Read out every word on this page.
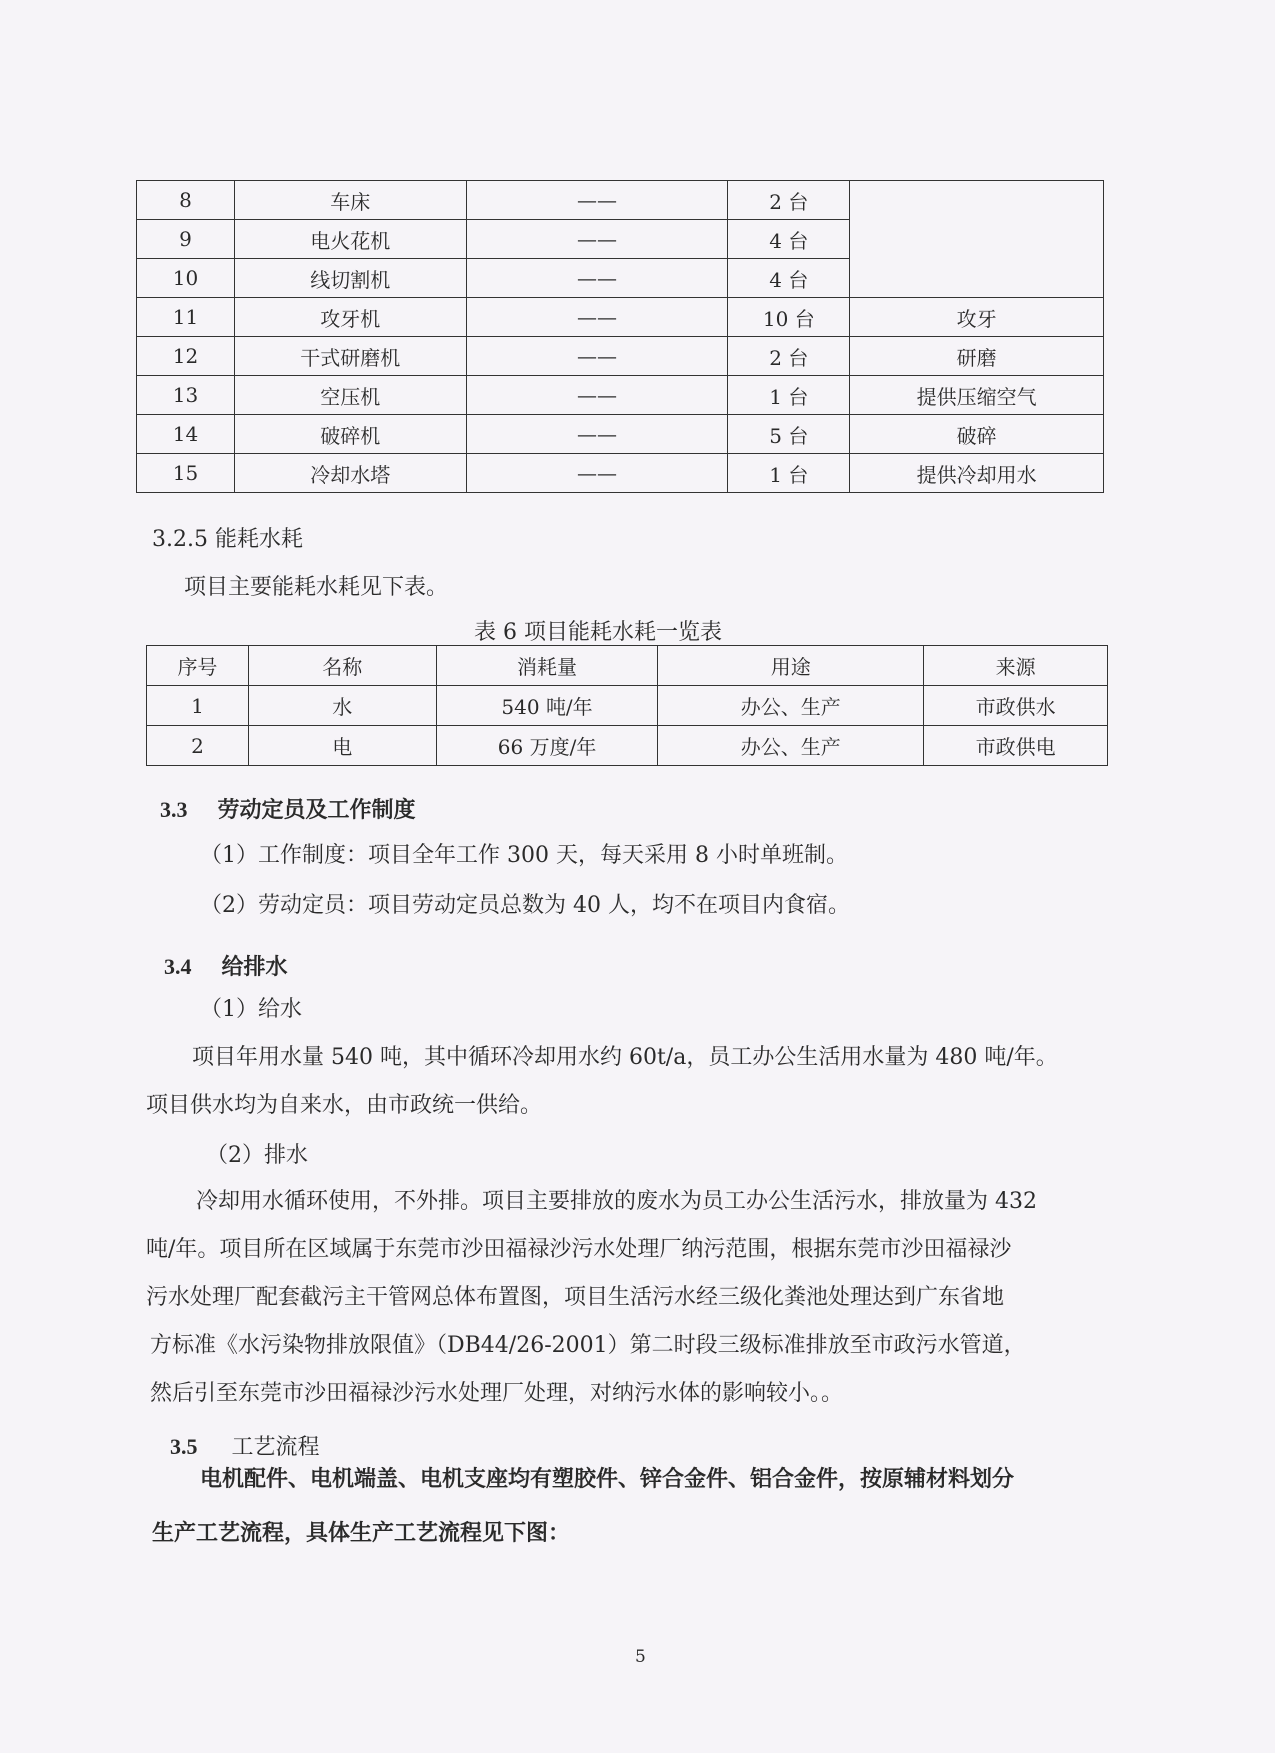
8	车床	——	2 台	
9	电火花机	——	4 台	
10	线切割机	——	4 台	
11	攻牙机	——	10 台	攻牙
12	干式研磨机	——	2 台	研磨
13	空压机	——	1 台	提供压缩空气
14	破碎机	——	5 台	破碎
15	冷却水塔	——	1 台	提供冷却用水
3.2.5 能耗水耗
项目主要能耗水耗见下表。
表 6 项目能耗水耗一览表
序号	名称	消耗量	用途	来源
1	水	540 吨/年	办公、生产	市政供水
2	电	66 万度/年	办公、生产	市政供电
3.3 劳动定员及工作制度
（1）工作制度：项目全年工作 300 天，每天采用 8 小时单班制。
（2）劳动定员：项目劳动定员总数为 40 人，均不在项目内食宿。
3.4 给排水
（1）给水
项目年用水量 540 吨，其中循环冷却用水约 60t/a，员工办公生活用水量为 480 吨/年。
项目供水均为自来水，由市政统一供给。
（2）排水
冷却用水循环使用，不外排。项目主要排放的废水为员工办公生活污水，排放量为 432
吨/年。项目所在区域属于东莞市沙田福禄沙污水处理厂纳污范围，根据东莞市沙田福禄沙
污水处理厂配套截污主干管网总体布置图，项目生活污水经三级化粪池处理达到广东省地
方标准《水污染物排放限值》（DB44/26-2001）第二时段三级标准排放至市政污水管道，
然后引至东莞市沙田福禄沙污水处理厂处理，对纳污水体的影响较小。。
3.5 工艺流程
电机配件、电机端盖、电机支座均有塑胶件、锌合金件、铝合金件，按原辅材料划分
生产工艺流程，具体生产工艺流程见下图：
5
